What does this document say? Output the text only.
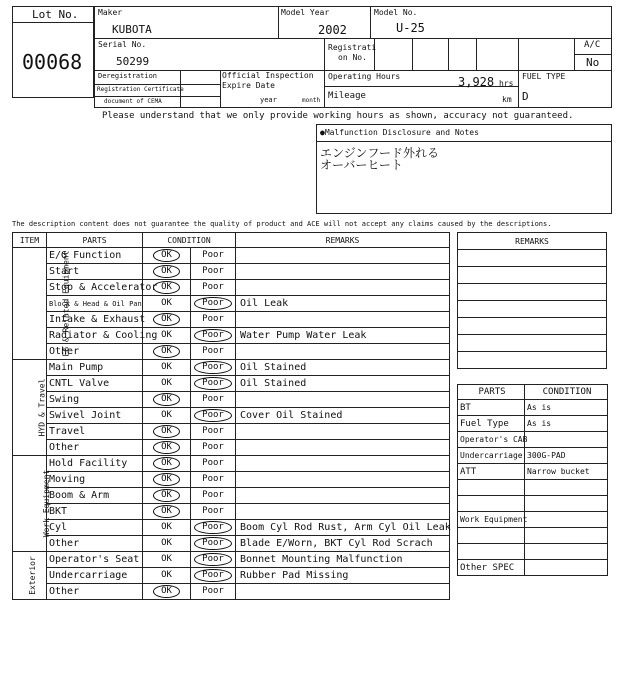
Lot No.
00068
Maker
KUBOTA
Model Year
2002
Model No.
U-25
Serial No.
50299
Registrati
on No.
A/C
No
Deregistration
Registration Certificate
document of CEMA
Official Inspection
Expire Date
year	month
Operating Hours	3,928 hrs
Mileage	km
FUEL TYPE
D
Please understand that we only provide working hours as shown, accuracy not guaranteed.
●Malfunction Disclosure and Notes
エンジンフード外れる
オーバーヒート
The description content does not guarantee the quality of product and ACE will not accept any claims caused by the descriptions.
ITEM	PARTS	CONDITION		REMARKS
EG & Related Equipment	E/G Function	OK	Poor	
	Start	OK	Poor	
	Stop & Accelerator	OK	Poor	
	Block & Head & Oil Pan	OK	Poor	Oil Leak
	Intake & Exhaust	OK	Poor	
	Radiator & Cooling	OK	Poor	Water Pump Water Leak
	Other	OK	Poor	
HYD & Travel	Main Pump	OK	Poor	Oil Stained
	CNTL Valve	OK	Poor	Oil Stained
	Swing	OK	Poor	
	Swivel Joint	OK	Poor	Cover Oil Stained
	Travel	OK	Poor	
	Other	OK	Poor	
Work Equipment	Hold Facility	OK	Poor	
	Moving	OK	Poor	
	Boom & Arm	OK	Poor	
	BKT	OK	Poor	
	Cyl	OK	Poor	Boom Cyl Rod Rust, Arm Cyl Oil Leak
	Other	OK	Poor	Blade E/Worn, BKT Cyl Rod Scrach
Exterior	Operator's Seat	OK	Poor	Bonnet Mounting Malfunction
	Undercarriage	OK	Poor	Rubber Pad Missing
	Other	OK	Poor	
REMARKS

PARTS	CONDITION
BT	As is
Fuel Type	As is
Operator's CAB	
Undercarriage	300G-PAD
ATT	Narrow bucket

Work Equipment	

Other SPEC	
